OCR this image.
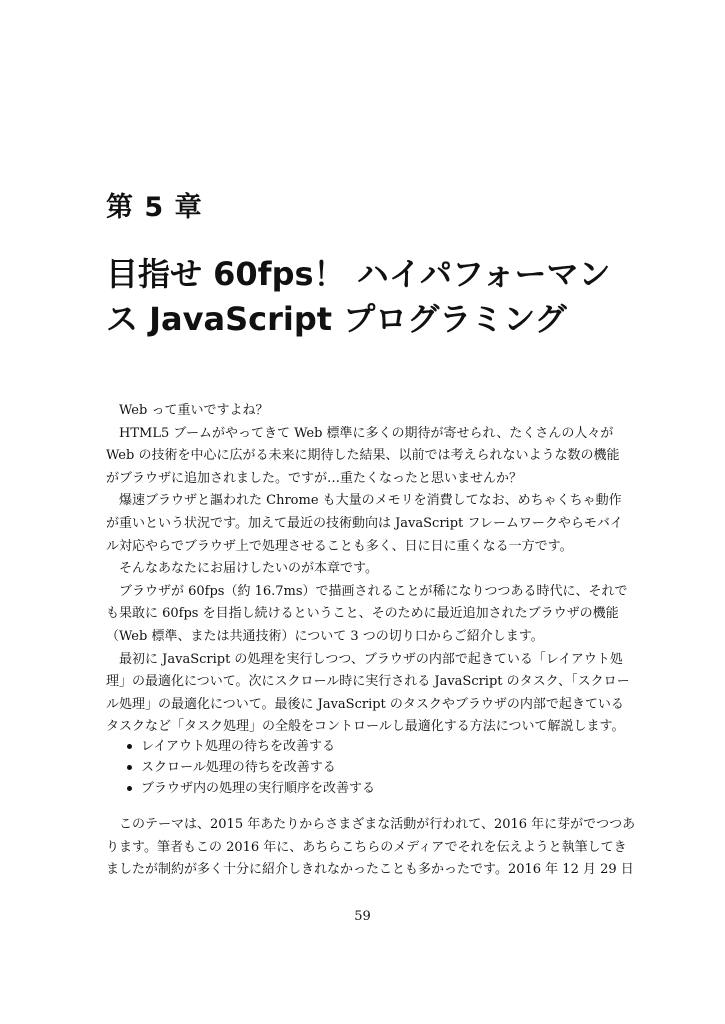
第 5 章
目指せ 60fps！ ハイパフォーマン
ス JavaScript プログラミング

Web って重いですよね？

HTML5 ブームがやってきて Web 標準に多くの期待が寄せられ、たくさんの人々が
Web の技術を中心に広がる未来に期待した結果、以前では考えられないような数の機能
がブラウザに追加されました。ですが…重たくなったと思いませんか？

爆速ブラウザと謳われた Chrome も大量のメモリを消費してなお、めちゃくちゃ動作
が重いという状況です。加えて最近の技術動向は JavaScript フレームワークやらモバイ
ル対応やらでブラウザ上で処理させることも多く、日に日に重くなる一方です。

そんなあなたにお届けしたいのが本章です。

ブラウザが 60fps（約 16.7ms）で描画されることが稀になりつつある時代に、それで
も果敢に 60fps を目指し続けるということ、そのために最近追加されたブラウザの機能
（Web 標準、または共通技術）について 3 つの切り口からご紹介します。

最初に JavaScript の処理を実行しつつ、ブラウザの内部で起きている「レイアウト処
理」の最適化について。次にスクロール時に実行される JavaScript のタスク、「スクロー
ル処理」の最適化について。最後に JavaScript のタスクやブラウザの内部で起きている
タスクなど「タスク処理」の全般をコントロールし最適化する方法について解説します。

レイアウト処理の待ちを改善する
スクロール処理の待ちを改善する
ブラウザ内の処理の実行順序を改善する

このテーマは、2015 年あたりからさまざまな活動が行われて、2016 年に芽がでつつあ
ります。筆者もこの 2016 年に、あちらこちらのメディアでそれを伝えようと執筆してき
ましたが制約が多く十分に紹介しきれなかったことも多かったです。2016 年 12 月 29 日

59
